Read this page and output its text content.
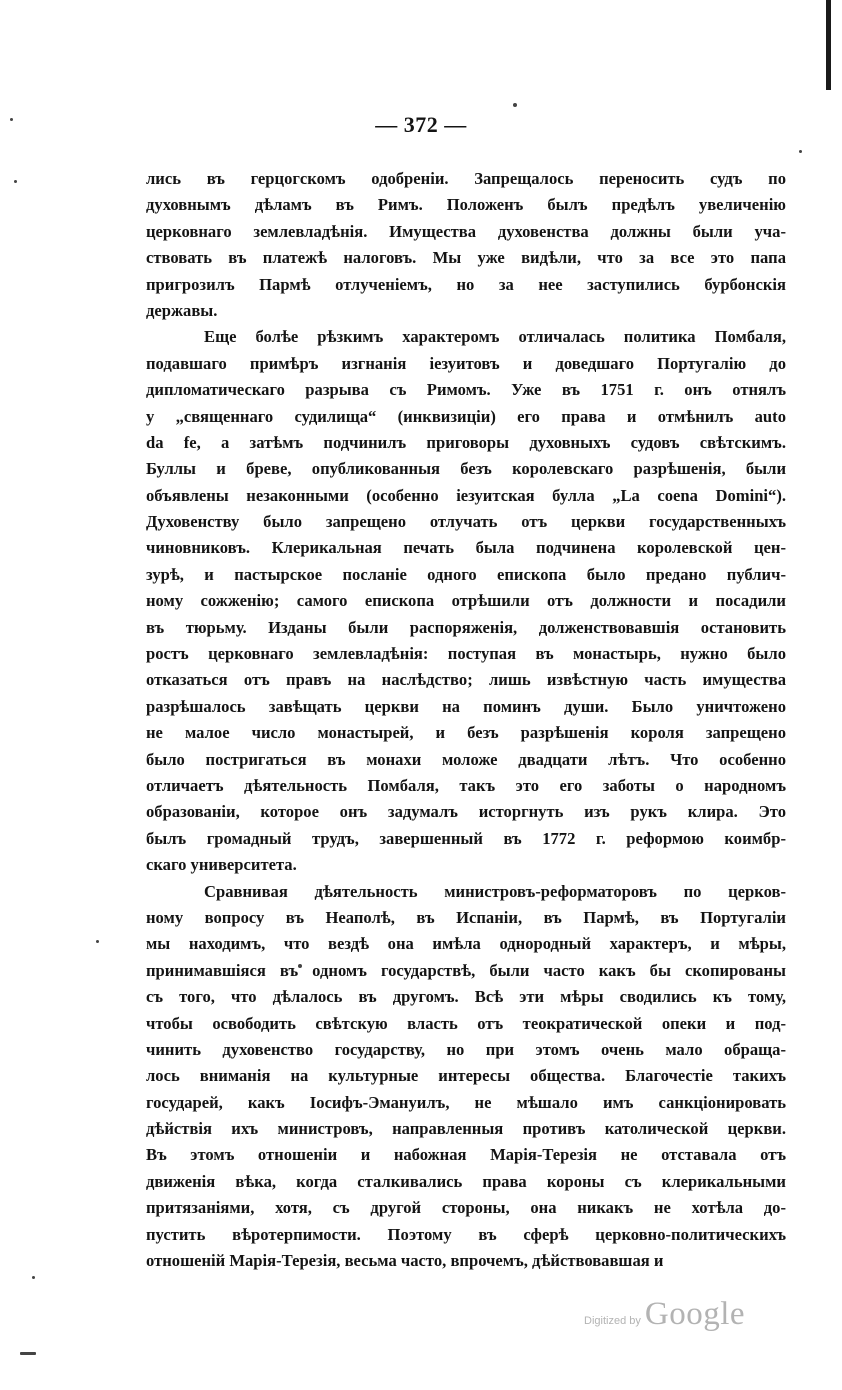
— 372 —
лись въ герцогскомъ одобреніи. Запрещалось переносить судъ по
духовнымъ дѣламъ въ Римъ. Положенъ былъ предѣлъ увеличенію
церковнаго землевладѣнія. Имущества духовенства должны были уча-
ствовать въ платежѣ налоговъ. Мы уже видѣли, что за все это папа
пригрозилъ Пармѣ отлученіемъ, но за нее заступились бурбонскія
державы.
Еще болѣе рѣзкимъ характеромъ отличалась политика Помбаля,
подавшаго примѣръ изгнанія іезуитовъ и доведшаго Португалію до
дипломатическаго разрыва съ Римомъ. Уже въ 1751 г. онъ отнялъ
у „священнаго судилища“ (инквизиціи) его права и отмѣнилъ auto
da fe, а затѣмъ подчинилъ приговоры духовныхъ судовъ свѣтскимъ.
Буллы и бреве, опубликованныя безъ королевскаго разрѣшенія, были
объявлены незаконными (особенно іезуитская булла „La coena Domini“).
Духовенству было запрещено отлучать отъ церкви государственныхъ
чиновниковъ. Клерикальная печать была подчинена королевской цен-
зурѣ, и пастырское посланіе одного епископа было предано публич-
ному сожженію; самого епископа отрѣшили отъ должности и посадили
въ тюрьму. Изданы были распоряженія, долженствовавшія остановить
ростъ церковнаго землевладѣнія: поступая въ монастырь, нужно было
отказаться отъ правъ на наслѣдство; лишь извѣстную часть имущества
разрѣшалось завѣщать церкви на поминъ души. Было уничтожено
не малое число монастырей, и безъ разрѣшенія короля запрещено
было постригаться въ монахи моложе двадцати лѣтъ. Что особенно
отличаетъ дѣятельность Помбаля, такъ это его заботы о народномъ
образованіи, которое онъ задумалъ исторгнуть изъ рукъ клира. Это
былъ громадный трудъ, завершенный въ 1772 г. реформою коимбр-
скаго университета.
Сравнивая дѣятельность министровъ-реформаторовъ по церков-
ному вопросу въ Неаполѣ, въ Испаніи, въ Пармѣ, въ Португаліи
мы находимъ, что вездѣ она имѣла однородный характеръ, и мѣры,
принимавшіяся въ одномъ государствѣ, были часто какъ бы скопированы
съ того, что дѣлалось въ другомъ. Всѣ эти мѣры сводились къ тому,
чтобы освободить свѣтскую власть отъ теократической опеки и под-
чинить духовенство государству, но при этомъ очень мало обраща-
лось вниманія на культурные интересы общества. Благочестіе такихъ
государей, какъ Іосифъ-Эмануилъ, не мѣшало имъ санкціонировать
дѣйствія ихъ министровъ, направленныя противъ католической церкви.
Въ этомъ отношеніи и набожная Марія-Терезія не отставала отъ
движенія вѣка, когда сталкивались права короны съ клерикальными
притязаніями, хотя, съ другой стороны, она никакъ не хотѣла до-
пустить вѣротерпимости. Поэтому въ сферѣ церковно-политическихъ
отношеній Марія-Терезія, весьма часто, впрочемъ, дѣйствовавшая и
Digitized by Google
